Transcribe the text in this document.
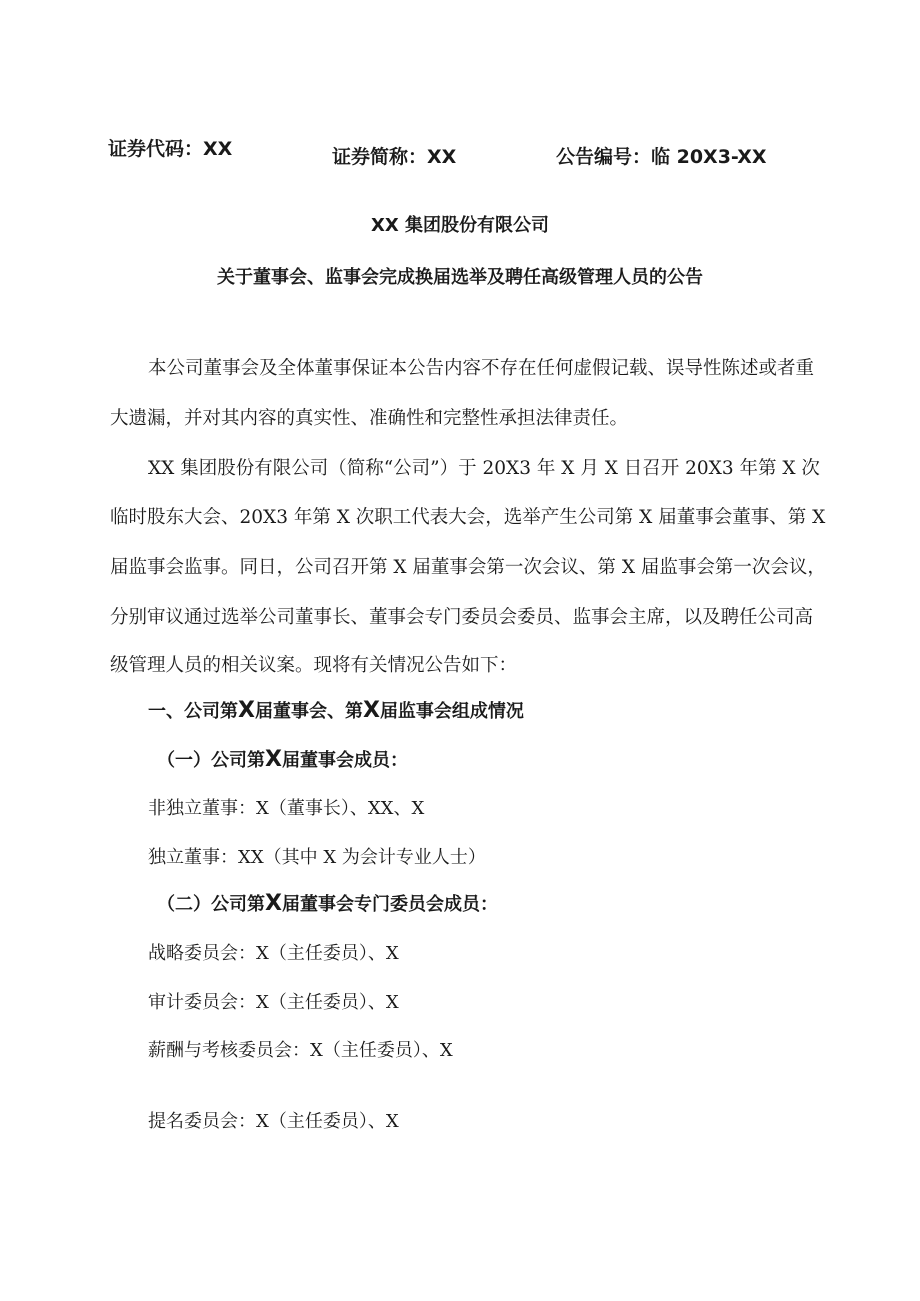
证券代码：XX	证券简称：XX	公告编号：临 20X3-XX
XX 集团股份有限公司
关于董事会、监事会完成换届选举及聘任高级管理人员的公告
本公司董事会及全体董事保证本公告内容不存在任何虚假记载、误导性陈述或者重
大遗漏，并对其内容的真实性、准确性和完整性承担法律责任。
XX 集团股份有限公司（简称“公司”）于 20X3 年 X 月 X 日召开 20X3 年第 X 次
临时股东大会、20X3 年第 X 次职工代表大会，选举产生公司第 X 届董事会董事、第 X
届监事会监事。同日，公司召开第 X 届董事会第一次会议、第 X 届监事会第一次会议，
分别审议通过选举公司董事长、董事会专门委员会委员、监事会主席，以及聘任公司高
级管理人员的相关议案。现将有关情况公告如下：
一、公司第X届董事会、第X届监事会组成情况
（一）公司第X届董事会成员：
非独立董事：X（董事长）、XX、X
独立董事：XX（其中 X 为会计专业人士）
（二）公司第X届董事会专门委员会成员：
战略委员会：X（主任委员）、X
审计委员会：X（主任委员）、X
薪酬与考核委员会：X（主任委员）、X
提名委员会：X（主任委员）、X
